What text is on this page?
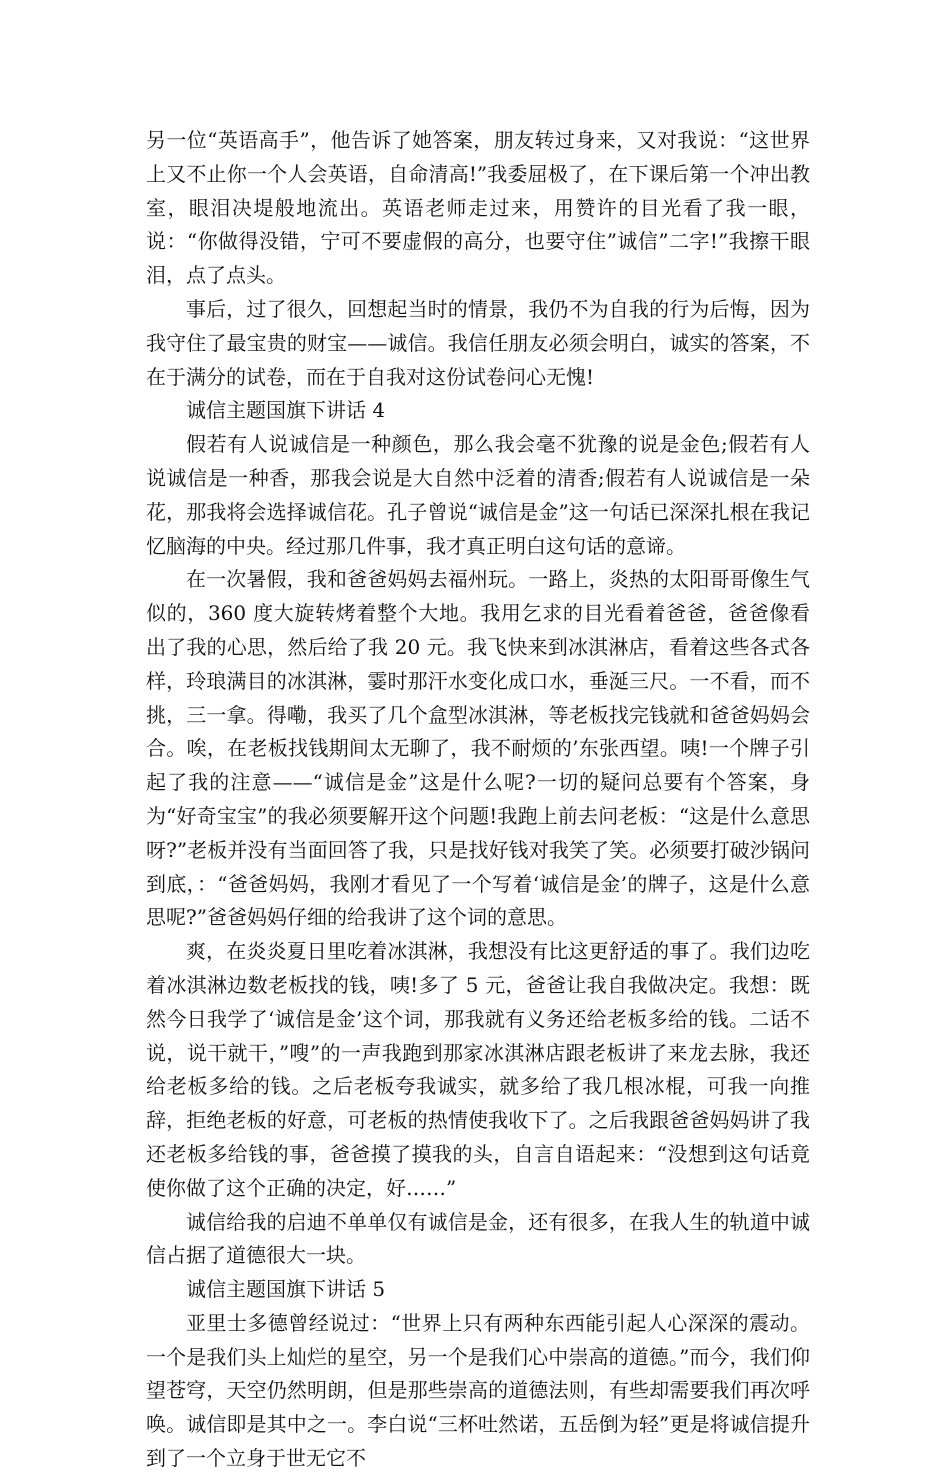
另一位“英语高手”，他告诉了她答案，朋友转过身来，又对我说：“这世界上又不止你一个人会英语，自命清高!”我委屈极了，在下课后第一个冲出教室，眼泪决堤般地流出。英语老师走过来，用赞许的目光看了我一眼，说：“你做得没错，宁可不要虚假的高分，也要守住”诚信”二字!”我擦干眼泪，点了点头。

事后，过了很久，回想起当时的情景，我仍不为自我的行为后悔，因为我守住了最宝贵的财宝——诚信。我信任朋友必须会明白，诚实的答案，不在于满分的试卷，而在于自我对这份试卷问心无愧!

诚信主题国旗下讲话 4

假若有人说诚信是一种颜色，那么我会毫不犹豫的说是金色;假若有人说诚信是一种香，那我会说是大自然中泛着的清香;假若有人说诚信是一朵花，那我将会选择诚信花。孔子曾说“诚信是金”这一句话已深深扎根在我记忆脑海的中央。经过那几件事，我才真正明白这句话的意谛。

在一次暑假，我和爸爸妈妈去福州玩。一路上，炎热的太阳哥哥像生气似的，360 度大旋转烤着整个大地。我用乞求的目光看着爸爸，爸爸像看出了我的心思，然后给了我 20 元。我飞快来到冰淇淋店，看着这些各式各样，玲琅满目的冰淇淋，霎时那汗水变化成口水，垂涎三尺。一不看，而不挑，三一拿。得嘞，我买了几个盒型冰淇淋，等老板找完钱就和爸爸妈妈会合。唉，在老板找钱期间太无聊了，我不耐烦的’东张西望。咦!一个牌子引起了我的注意——“诚信是金”这是什么呢?一切的疑问总要有个答案，身为“好奇宝宝”的我必须要解开这个问题!我跑上前去问老板：“这是什么意思呀?”老板并没有当面回答了我，只是找好钱对我笑了笑。必须要打破沙锅问到底，：“爸爸妈妈，我刚才看见了一个写着‘诚信是金’的牌子，这是什么意思呢?”爸爸妈妈仔细的给我讲了这个词的意思。

爽，在炎炎夏日里吃着冰淇淋，我想没有比这更舒适的事了。我们边吃着冰淇淋边数老板找的钱，咦!多了 5 元，爸爸让我自我做决定。我想：既然今日我学了‘诚信是金’这个词，那我就有义务还给老板多给的钱。二话不说，说干就干，”嗖”的一声我跑到那家冰淇淋店跟老板讲了来龙去脉，我还给老板多给的钱。之后老板夸我诚实，就多给了我几根冰棍，可我一向推辞，拒绝老板的好意，可老板的热情使我收下了。之后我跟爸爸妈妈讲了我还老板多给钱的事，爸爸摸了摸我的头，自言自语起来：“没想到这句话竟使你做了这个正确的决定，好……”

诚信给我的启迪不单单仅有诚信是金，还有很多，在我人生的轨道中诚信占据了道德很大一块。

诚信主题国旗下讲话 5

亚里士多德曾经说过：“世界上只有两种东西能引起人心深深的震动。一个是我们头上灿烂的星空，另一个是我们心中崇高的道德。”而今，我们仰望苍穹，天空仍然明朗，但是那些崇高的道德法则，有些却需要我们再次呼唤。诚信即是其中之一。李白说“三杯吐然诺，五岳倒为轻”更是将诚信提升到了一个立身于世无它不
